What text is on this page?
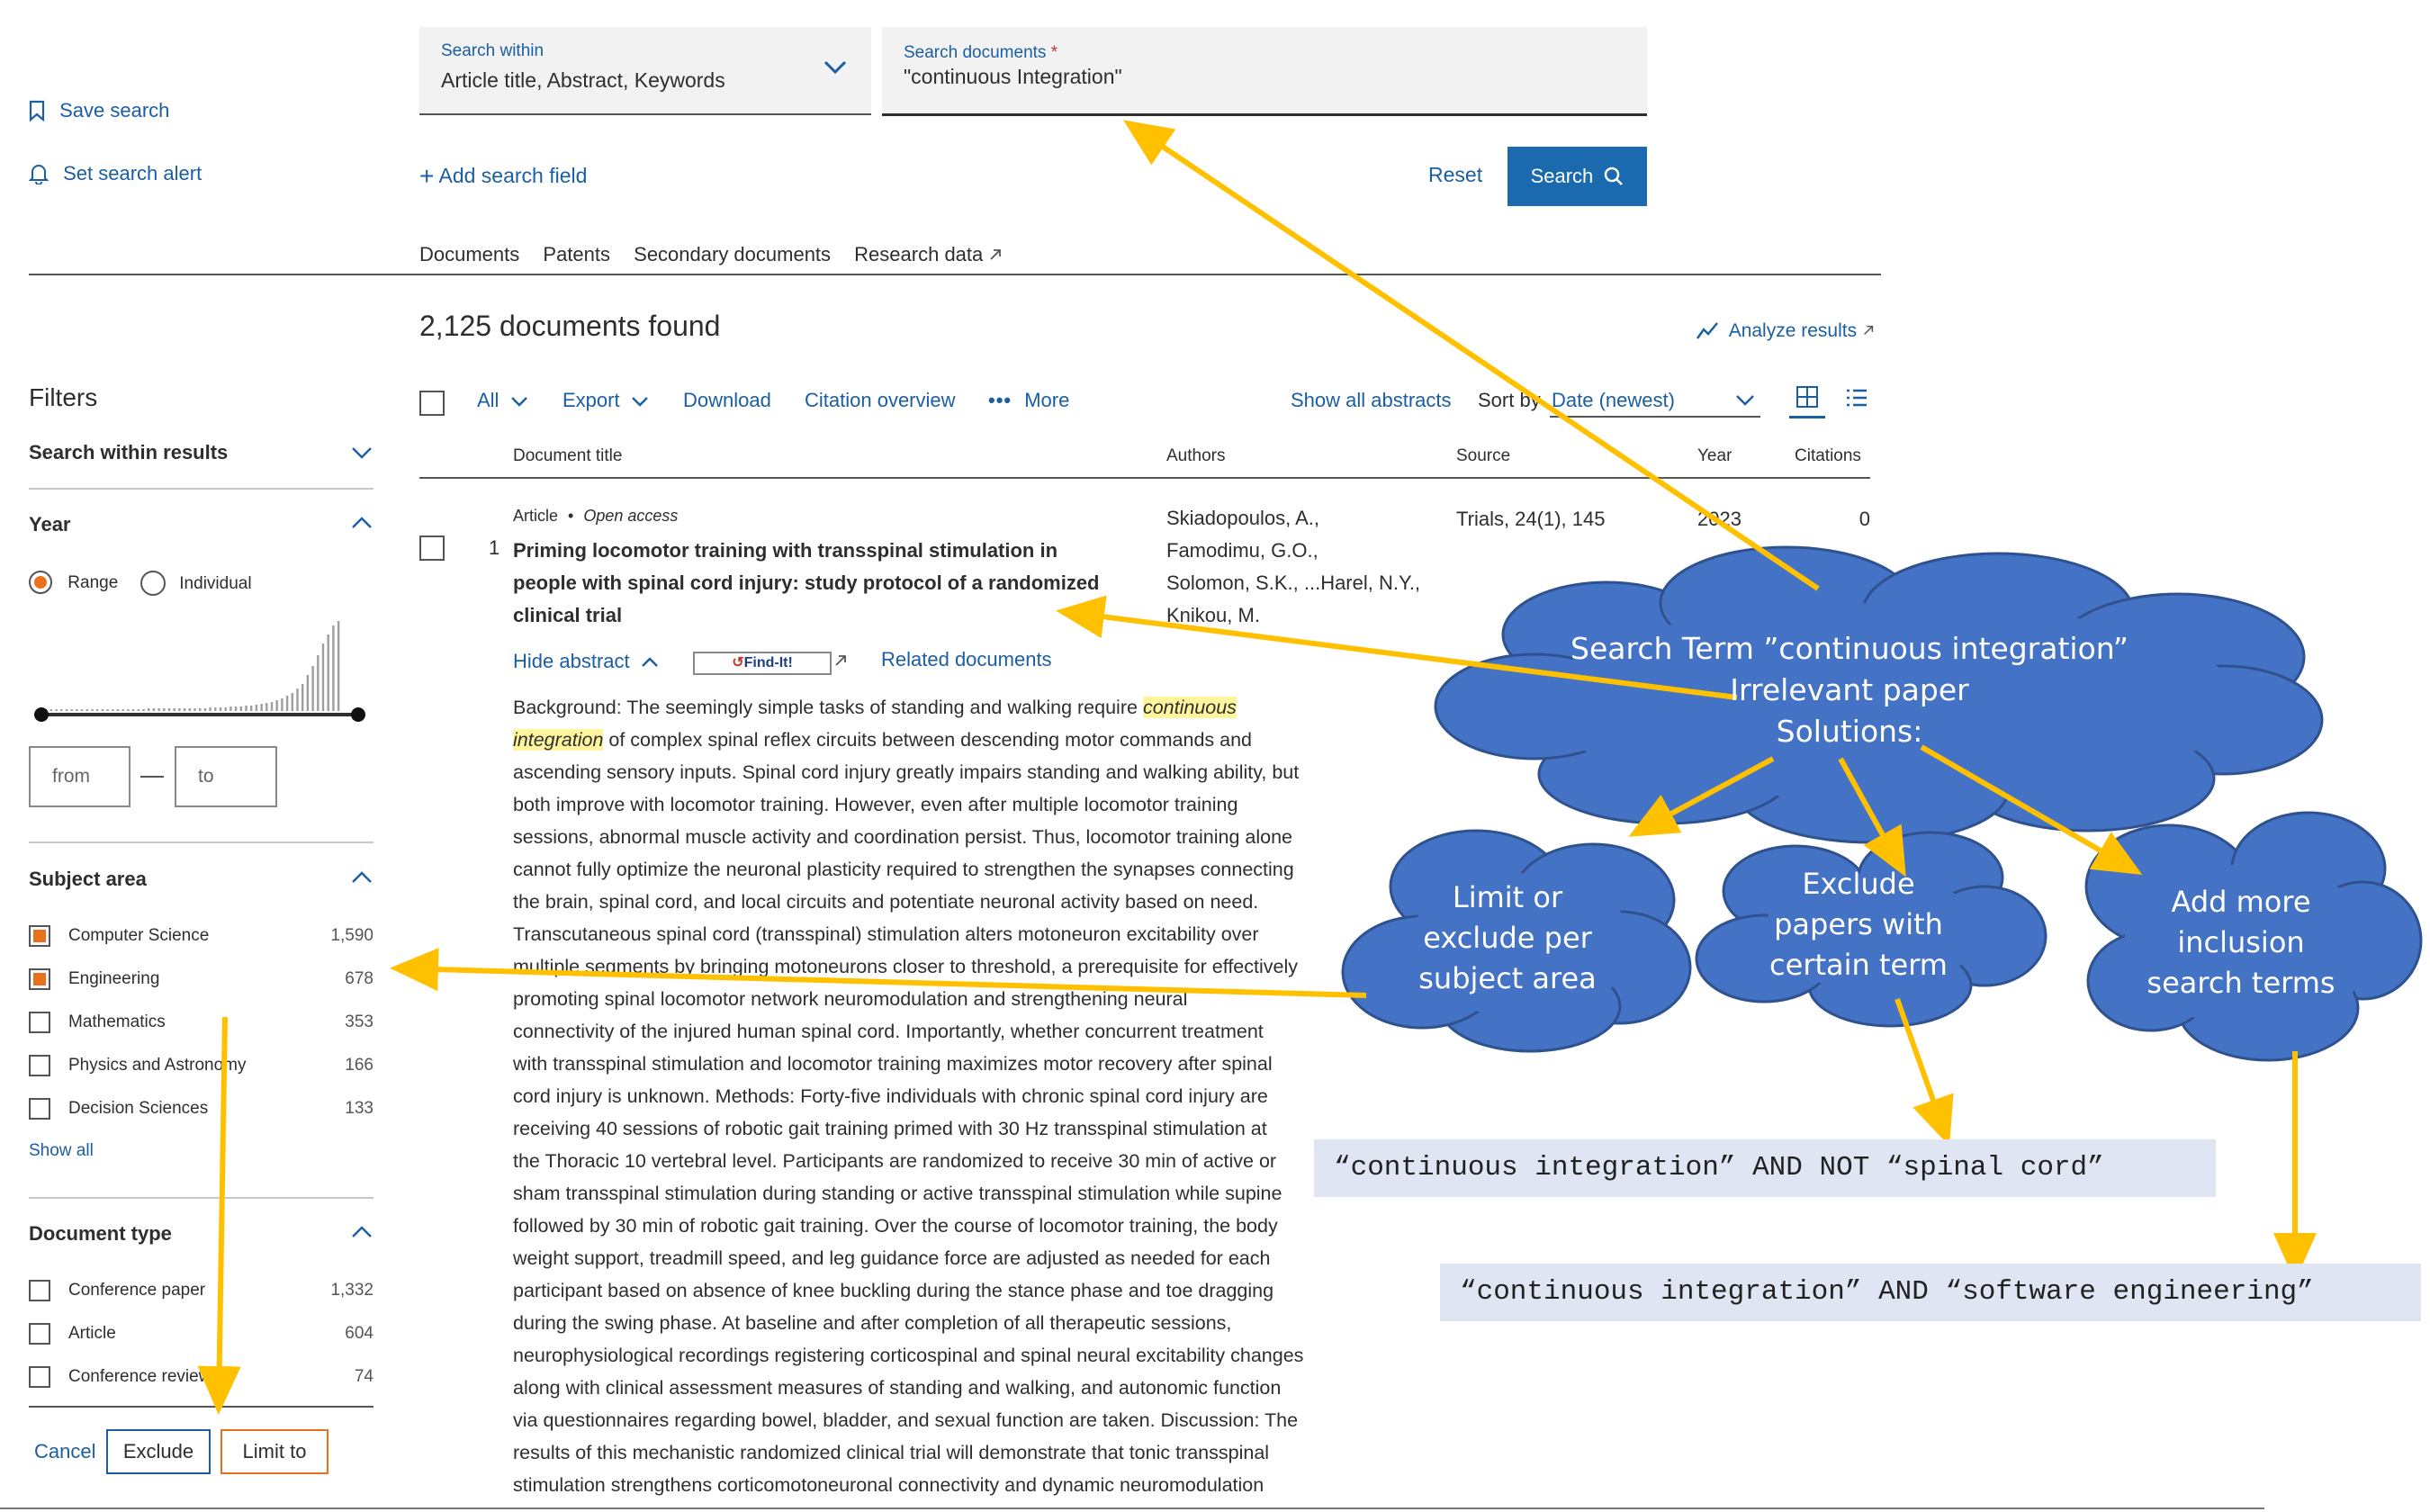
Search within
Article title, Abstract, Keywords
Search documents *
"continuous Integration"
+ Add search field	Reset	Search
Save search
Set search alert
Documents Patents Secondary documents Research data
2,125 documents found	Analyze results
All	Export	Download Citation overview ••• More	Show all abstracts Sort by Date (newest)
Document title	Authors	Source	Year	Citations
1
Article • Open access
Priming locomotor training with transspinal stimulation in
people with spinal cord injury: study protocol of a randomized
clinical trial
Skiadopoulos, A.,
Famodimu, G.O.,
Solomon, S.K., ...Harel, N.Y.,
Knikou, M.
Trials, 24(1), 145	2023	0
Hide abstract	↺Find-It!	Related documents

Background: The seemingly simple tasks of standing and walking require continuous

integration of complex spinal reflex circuits between descending motor commands and

ascending sensory inputs. Spinal cord injury greatly impairs standing and walking ability, but

both improve with locomotor training. However, even after multiple locomotor training

sessions, abnormal muscle activity and coordination persist. Thus, locomotor training alone

cannot fully optimize the neuronal plasticity required to strengthen the synapses connecting

the brain, spinal cord, and local circuits and potentiate neuronal activity based on need.

Transcutaneous spinal cord (transspinal) stimulation alters motoneuron excitability over

multiple segments by bringing motoneurons closer to threshold, a prerequisite for effectively

promoting spinal locomotor network neuromodulation and strengthening neural

connectivity of the injured human spinal cord. Importantly, whether concurrent treatment

with transspinal stimulation and locomotor training maximizes motor recovery after spinal

cord injury is unknown. Methods: Forty-five individuals with chronic spinal cord injury are

receiving 40 sessions of robotic gait training primed with 30 Hz transspinal stimulation at

the Thoracic 10 vertebral level. Participants are randomized to receive 30 min of active or

sham transspinal stimulation during standing or active transspinal stimulation while supine

followed by 30 min of robotic gait training. Over the course of locomotor training, the body

weight support, treadmill speed, and leg guidance force are adjusted as needed for each

participant based on absence of knee buckling during the stance phase and toe dragging

during the swing phase. At baseline and after completion of all therapeutic sessions,

neurophysiological recordings registering corticospinal and spinal neural excitability changes

along with clinical assessment measures of standing and walking, and autonomic function

via questionnaires regarding bowel, bladder, and sexual function are taken. Discussion: The

results of this mechanistic randomized clinical trial will demonstrate that tonic transspinal

stimulation strengthens corticomotoneuronal connectivity and dynamic neuromodulation

Filters
Search within results
Year
Range	Individual
from	to
Subject area
Computer Science	1,590
Engineering	678
Mathematics	353
Physics and Astronomy	166
Decision Sciences	133
Show all
Document type
Conference paper	1,332
Article	604
Conference review	74
Cancel	Exclude	Limit to
Search Term ”continuous integration”
Irrelevant paper
Solutions:
Limit or
exclude per
subject area
Exclude
papers with
certain term
Add more
inclusion
search terms
“continuous integration” AND NOT “spinal cord”
“continuous integration” AND “software engineering”
